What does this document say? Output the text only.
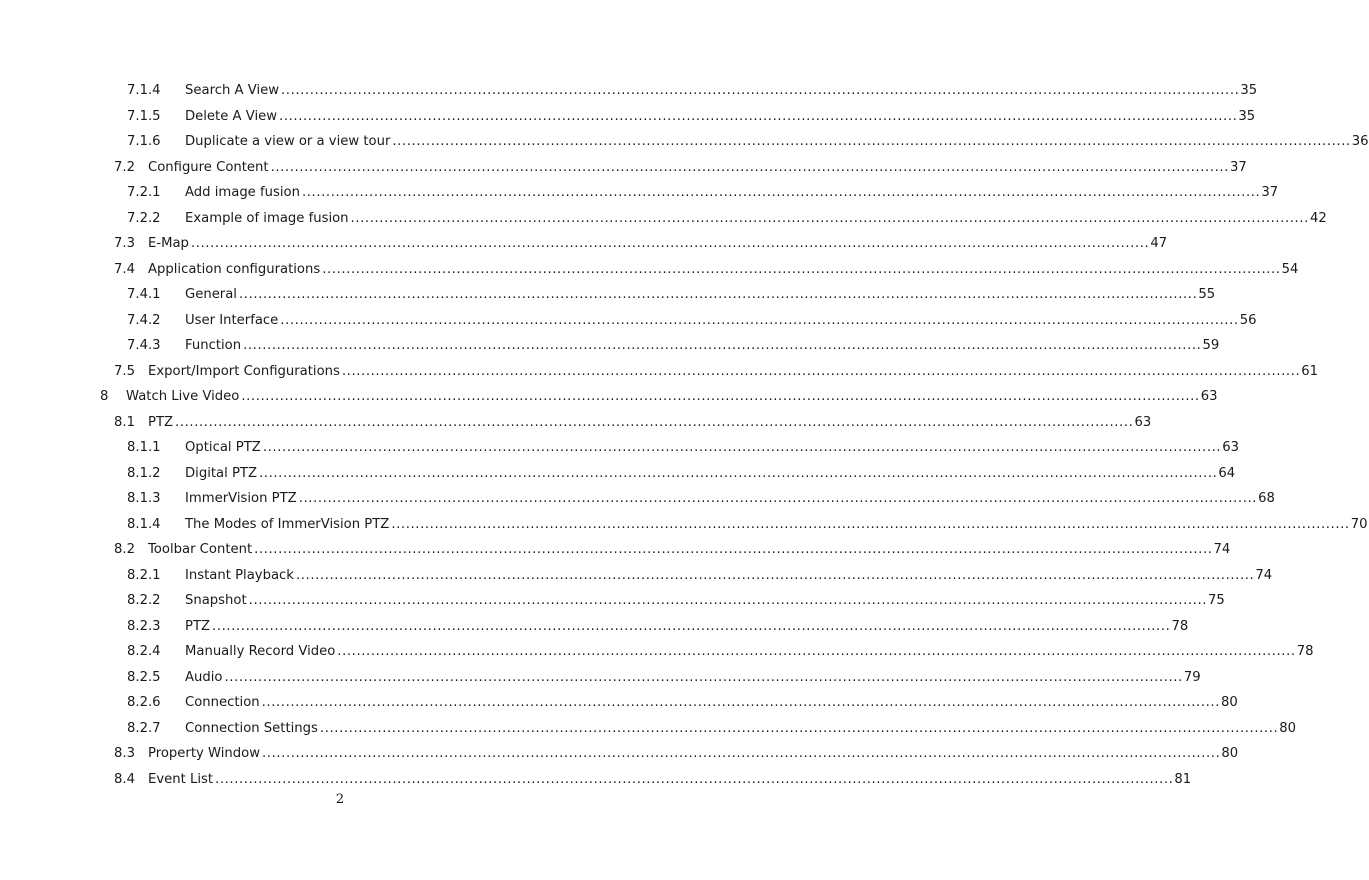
7.1.4 Search A View ........................................................................................................................................................................................................ 35
7.1.5 Delete A View ........................................................................................................................................................................................................ 35
7.1.6 Duplicate a view or a view tour ........................................................................................................................................................................................................ 36
7.2 Configure Content ........................................................................................................................................................................................................ 37
7.2.1 Add image fusion ........................................................................................................................................................................................................ 37
7.2.2 Example of image fusion ........................................................................................................................................................................................................ 42
7.3 E-Map ........................................................................................................................................................................................................ 47
7.4 Application configurations ........................................................................................................................................................................................................ 54
7.4.1 General ........................................................................................................................................................................................................ 55
7.4.2 User Interface ........................................................................................................................................................................................................ 56
7.4.3 Function ........................................................................................................................................................................................................ 59
7.5 Export/Import Configurations ........................................................................................................................................................................................................ 61
8 Watch Live Video ........................................................................................................................................................................................................ 63
8.1 PTZ ........................................................................................................................................................................................................ 63
8.1.1 Optical PTZ ........................................................................................................................................................................................................ 63
8.1.2 Digital PTZ ........................................................................................................................................................................................................ 64
8.1.3 ImmerVision PTZ ........................................................................................................................................................................................................ 68
8.1.4 The Modes of ImmerVision PTZ ........................................................................................................................................................................................................ 70
8.2 Toolbar Content ........................................................................................................................................................................................................ 74
8.2.1 Instant Playback ........................................................................................................................................................................................................ 74
8.2.2 Snapshot ........................................................................................................................................................................................................ 75
8.2.3 PTZ ........................................................................................................................................................................................................ 78
8.2.4 Manually Record Video ........................................................................................................................................................................................................ 78
8.2.5 Audio ........................................................................................................................................................................................................ 79
8.2.6 Connection ........................................................................................................................................................................................................ 80
8.2.7 Connection Settings ........................................................................................................................................................................................................ 80
8.3 Property Window ........................................................................................................................................................................................................ 80
8.4 Event List ........................................................................................................................................................................................................ 81
2
